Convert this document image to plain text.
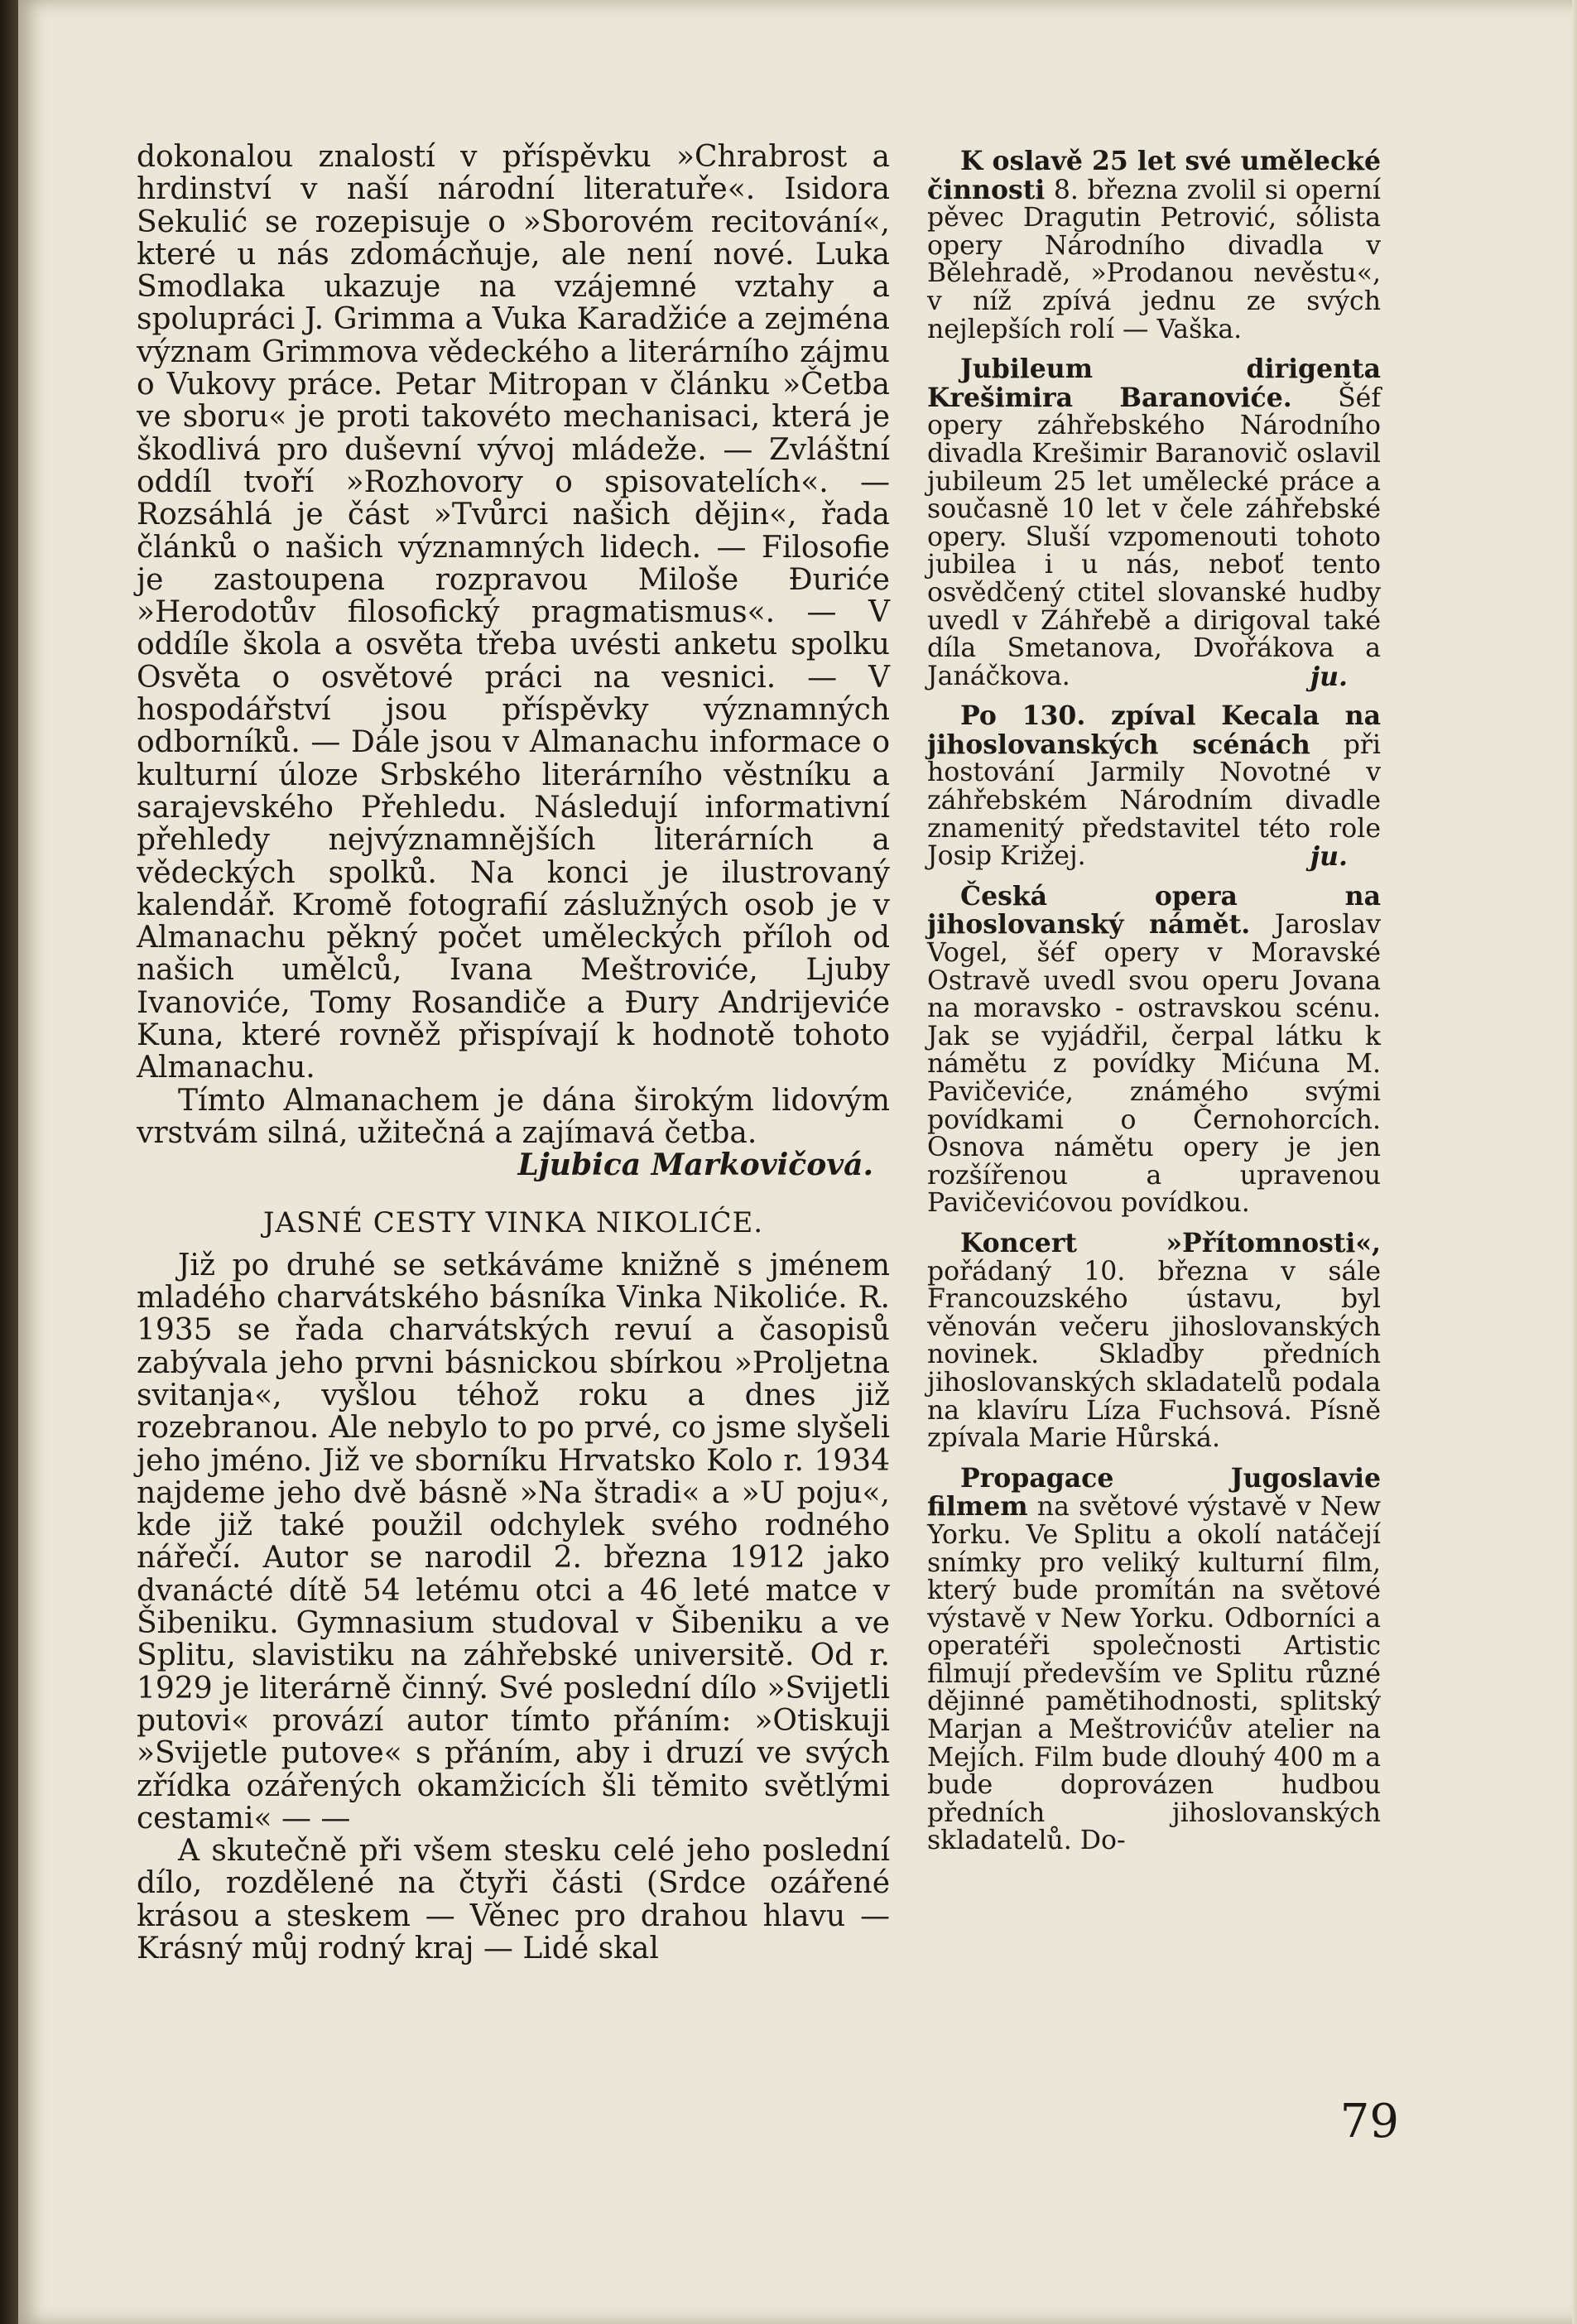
dokonalou znalostí v příspěvku »Chrabrost a hrdinství v naší národní literatuře«. Isidora Sekulić se rozepisuje o »Sborovém recitování«, které u nás zdomácňuje, ale není nové. Luka Smodlaka ukazuje na vzájemné vztahy a spolupráci J. Grimma a Vuka Karadžiće a zejména význam Grimmova vědeckého a literárního zájmu o Vukovy práce. Petar Mitropan v článku »Četba ve sboru« je proti takovéto mechanisaci, která je škodlivá pro duševní vývoj mládeže. — Zvláštní oddíl tvoří »Rozhovory o spisovatelích«. — Rozsáhlá je část »Tvůrci našich dějin«, řada článků o našich významných lidech. — Filosofie je zastoupena rozpravou Miloše Đuriće »Herodotův filosofický pragmatismus«. — V oddíle škola a osvěta třeba uvésti anketu spolku Osvěta o osvětové práci na vesnici. — V hospodářství jsou příspěvky významných odborníků. — Dále jsou v Almanachu informace o kulturní úloze Srbského literárního věstníku a sarajevského Přehledu. Následují informativní přehledy nejvýznamnějších literárních a vědeckých spolků. Na konci je ilustrovaný kalendář. Kromě fotografií záslužných osob je v Almanachu pěkný počet uměleckých příloh od našich umělců, Ivana Meštroviće, Ljuby Ivanoviće, Tomy Rosandiče a Đury Andrijeviće Kuna, které rovněž přispívají k hodnotě tohoto Almanachu.

Tímto Almanachem je dána širokým lidovým vrstvám silná, užitečná a zajímavá četba.

Ljubica Markovičová.

JASNÉ CESTY VINKA NIKOLIĆE.

Již po druhé se setkáváme knižně s jménem mladého charvátského básníka Vinka Nikoliće. R. 1935 se řada charvátských revuí a časopisů zabývala jeho prvni básnickou sbírkou »Proljetna svitanja«, vyšlou téhož roku a dnes již rozebranou. Ale nebylo to po prvé, co jsme slyšeli jeho jméno. Již ve sborníku Hrvatsko Kolo r. 1934 najdeme jeho dvě básně »Na štradi« a »U poju«, kde již také použil odchylek svého rodného nářečí. Autor se narodil 2. března 1912 jako dvanácté dítě 54 letému otci a 46 leté matce v Šibeniku. Gymnasium studoval v Šibeniku a ve Splitu, slavistiku na záhřebské universitě. Od r. 1929 je literárně činný. Své poslední dílo »Svijetli putovi« provází autor tímto přáním: »Otiskuji »Svijetle putove« s přáním, aby i druzí ve svých zřídka ozářených okamžicích šli těmito světlými cestami« — —

A skutečně při všem stesku celé jeho poslední dílo, rozdělené na čtyři části (Srdce ozářené krásou a steskem — Věnec pro drahou hlavu — Krásný můj rodný kraj — Lidé skal

K oslavě 25 let své umělecké činnosti 8. března zvolil si operní pěvec Dragutin Petrović, sólista opery Národního divadla v Bělehradě, »Prodanou nevěstu«, v níž zpívá jednu ze svých nejlepších rolí — Vaška.

Jubileum dirigenta Krešimira Baranoviće. Šéf opery záhřebského Národního divadla Krešimir Baranovič oslavil jubileum 25 let umělecké práce a současně 10 let v čele záhřebské opery. Sluší vzpomenouti tohoto jubilea i u nás, neboť tento osvědčený ctitel slovanské hudby uvedl v Záhřebě a dirigoval také díla Smetanova, Dvořákova a Janáčkova.	ju.

Po 130. zpíval Kecala na jihoslovanských scénách při hostování Jarmily Novotné v záhřebském Národním divadle znamenitý představitel této role Josip Križej.	ju.

Česká opera na jihoslovanský námět. Jaroslav Vogel, šéf opery v Moravské Ostravě uvedl svou operu Jovana na moravsko - ostravskou scénu. Jak se vyjádřil, čerpal látku k námětu z povídky Mićuna M. Pavičeviće, známého svými povídkami o Černohorcích. Osnova námětu opery je jen rozšířenou a upravenou Pavičevićovou povídkou.

Koncert »Přítomnosti«, pořádaný 10. března v sále Francouzského ústavu, byl věnován večeru jihoslovanských novinek. Skladby předních jihoslovanských skladatelů podala na klavíru Líza Fuchsová. Písně zpívala Marie Hůrská.

Propagace Jugoslavie filmem na světové výstavě v New Yorku. Ve Splitu a okolí natáčejí snímky pro veliký kulturní film, který bude promítán na světové výstavě v New Yorku. Odborníci a operatéři společnosti Artistic filmují především ve Splitu různé dějinné pamětihodnosti, splitský Marjan a Meštrovićův atelier na Mejích. Film bude dlouhý 400 m a bude doprovázen hudbou předních jihoslovanských skladatelů. Do-

79
